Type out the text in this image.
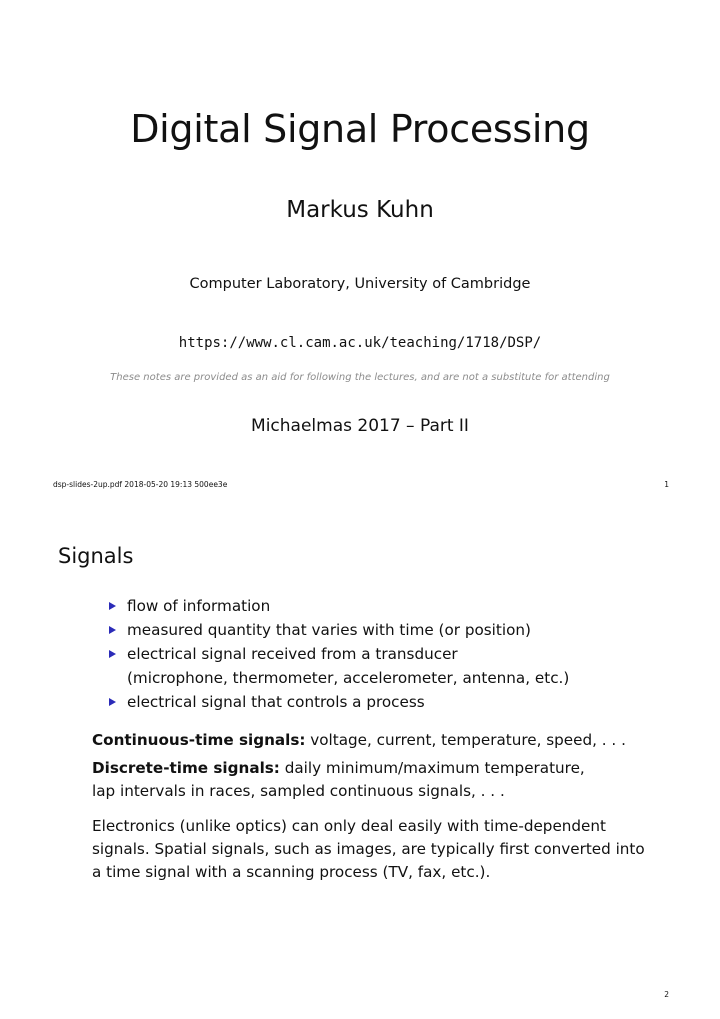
Digital Signal Processing
Markus Kuhn
Computer Laboratory, University of Cambridge
https://www.cl.cam.ac.uk/teaching/1718/DSP/
These notes are provided as an aid for following the lectures, and are not a substitute for attending
Michaelmas 2017 – Part II
dsp-slides-2up.pdf 2018-05-20 19:13 500ee3e	1
Signals
flow of information
measured quantity that varies with time (or position)
electrical signal received from a transducer
(microphone, thermometer, accelerometer, antenna, etc.)
electrical signal that controls a process
Continuous-time signals: voltage, current, temperature, speed, . . .
Discrete-time signals: daily minimum/maximum temperature,
lap intervals in races, sampled continuous signals, . . .
Electronics (unlike optics) can only deal easily with time-dependent
signals. Spatial signals, such as images, are typically first converted into
a time signal with a scanning process (TV, fax, etc.).
2
